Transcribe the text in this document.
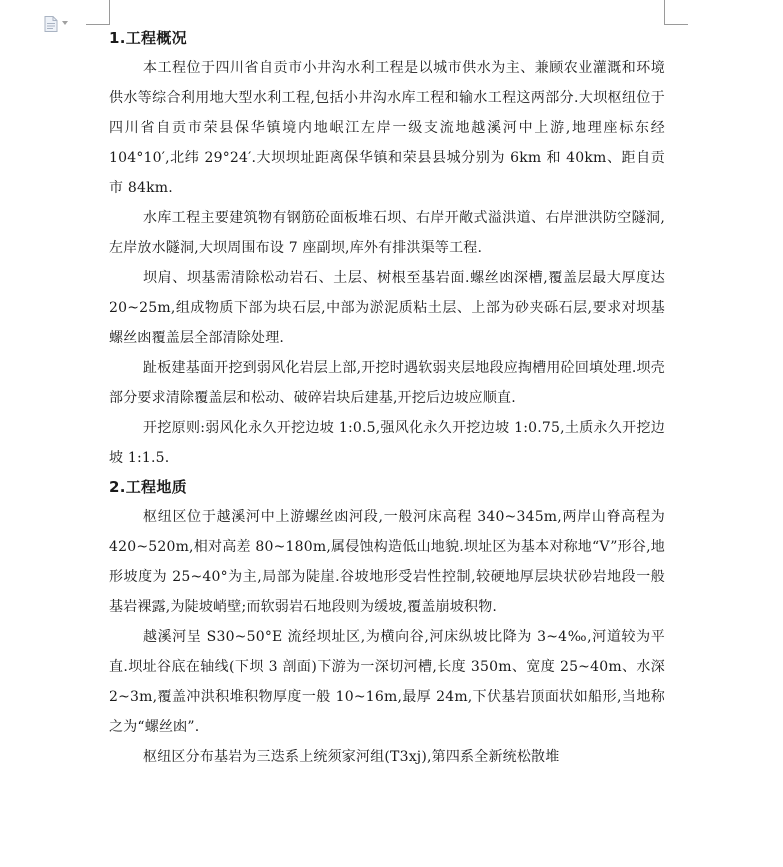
1.工程概况

本工程位于四川省自贡市小井沟水利工程是以城市供水为主、兼顾农业灌溉和环境供水等综合利用地大型水利工程,包括小井沟水库工程和输水工程这两部分.大坝枢纽位于四川省自贡市荣县保华镇境内地岷江左岸一级支流地越溪河中上游,地理座标东经 104°10′,北纬 29°24′.大坝坝址距离保华镇和荣县县城分别为 6km 和 40km、距自贡市 84km.

水库工程主要建筑物有钢筋砼面板堆石坝、右岸开敞式溢洪道、右岸泄洪防空隧洞,左岸放水隧洞,大坝周围布设 7 座副坝,库外有排洪渠等工程.

坝肩、坝基需清除松动岩石、土层、树根至基岩面.螺丝凼深槽,覆盖层最大厚度达 20~25m,组成物质下部为块石层,中部为淤泥质粘土层、上部为砂夹砾石层,要求对坝基螺丝凼覆盖层全部清除处理.

趾板建基面开挖到弱风化岩层上部,开挖时遇软弱夹层地段应掏槽用砼回填处理.坝壳部分要求清除覆盖层和松动、破碎岩块后建基,开挖后边坡应顺直.

开挖原则:弱风化永久开挖边坡 1:0.5,强风化永久开挖边坡 1:0.75,土质永久开挖边坡 1:1.5.

2.工程地质

枢纽区位于越溪河中上游螺丝凼河段,一般河床高程 340~345m,两岸山脊高程为 420~520m,相对高差 80~180m,属侵蚀构造低山地貌.坝址区为基本对称地“V”形谷,地形坡度为 25~40°为主,局部为陡崖.谷坡地形受岩性控制,较硬地厚层块状砂岩地段一般基岩裸露,为陡坡峭壁;而软弱岩石地段则为缓坡,覆盖崩坡积物.

越溪河呈 S30~50°E 流经坝址区,为横向谷,河床纵坡比降为 3~4‰,河道较为平直.坝址谷底在轴线(下坝 3 剖面)下游为一深切河槽,长度 350m、宽度 25~40m、水深 2~3m,覆盖冲洪积堆积物厚度一般 10~16m,最厚 24m,下伏基岩顶面状如船形,当地称之为“螺丝凼”.

枢纽区分布基岩为三迭系上统须家河组(T3xj),第四系全新统松散堆
